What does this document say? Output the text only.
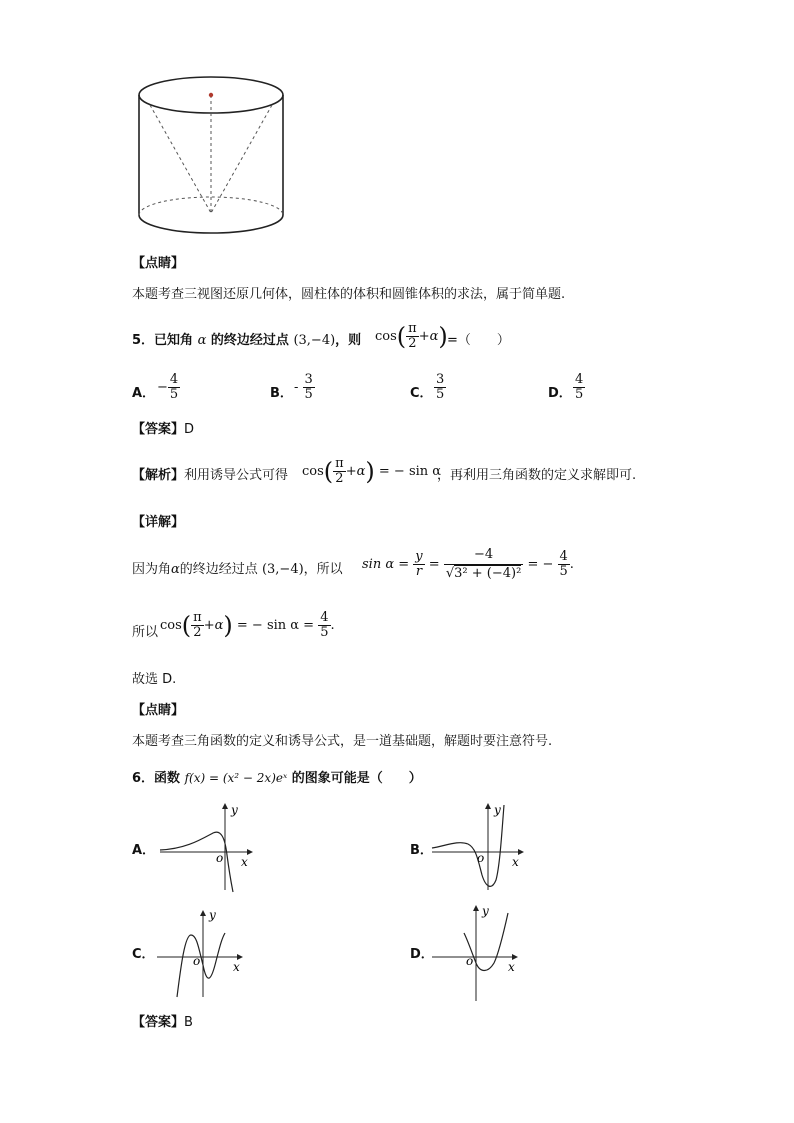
【点睛】
本题考查三视图还原几何体，圆柱体的体积和圆锥体积的求法，属于简单题.
5．已知角 α 的终边经过点 (3,−4)，则 $\cos( \frac{\pi}{2} +\alpha)$ =（　　）
A． − $\frac{4}{5}$	B． - $\frac{3}{5}$	C． $\frac{3}{5}$	D． $\frac{4}{5}$
【答案】D
【解析】利用诱导公式可得 $\cos( \frac{\pi}{2} +\alpha)$ = − sin α
，再利用三角函数的定义求解即可.
【详解】
因为角α的终边经过点 (3,−4)，所以 $\sin \alpha = \frac{y}{r} = \frac{-4}{\text{√3² + (−4)²}}$ = − $\frac{4}{5}$ .
所以 $\cos( \frac{\pi}{2} +\alpha)$ = − $\sin \alpha = \frac{4}{5}$ .
故选 D.
【点睛】
本题考查三角函数的定义和诱导公式，是一道基础题，解题时要注意符号.
6．函数 f(x) = (x² − 2x)eˣ 的图象可能是（　　）
A．
y
x
o	B．
y
x
o
C．
y
x
o	D．
y
x
o
【答案】B
